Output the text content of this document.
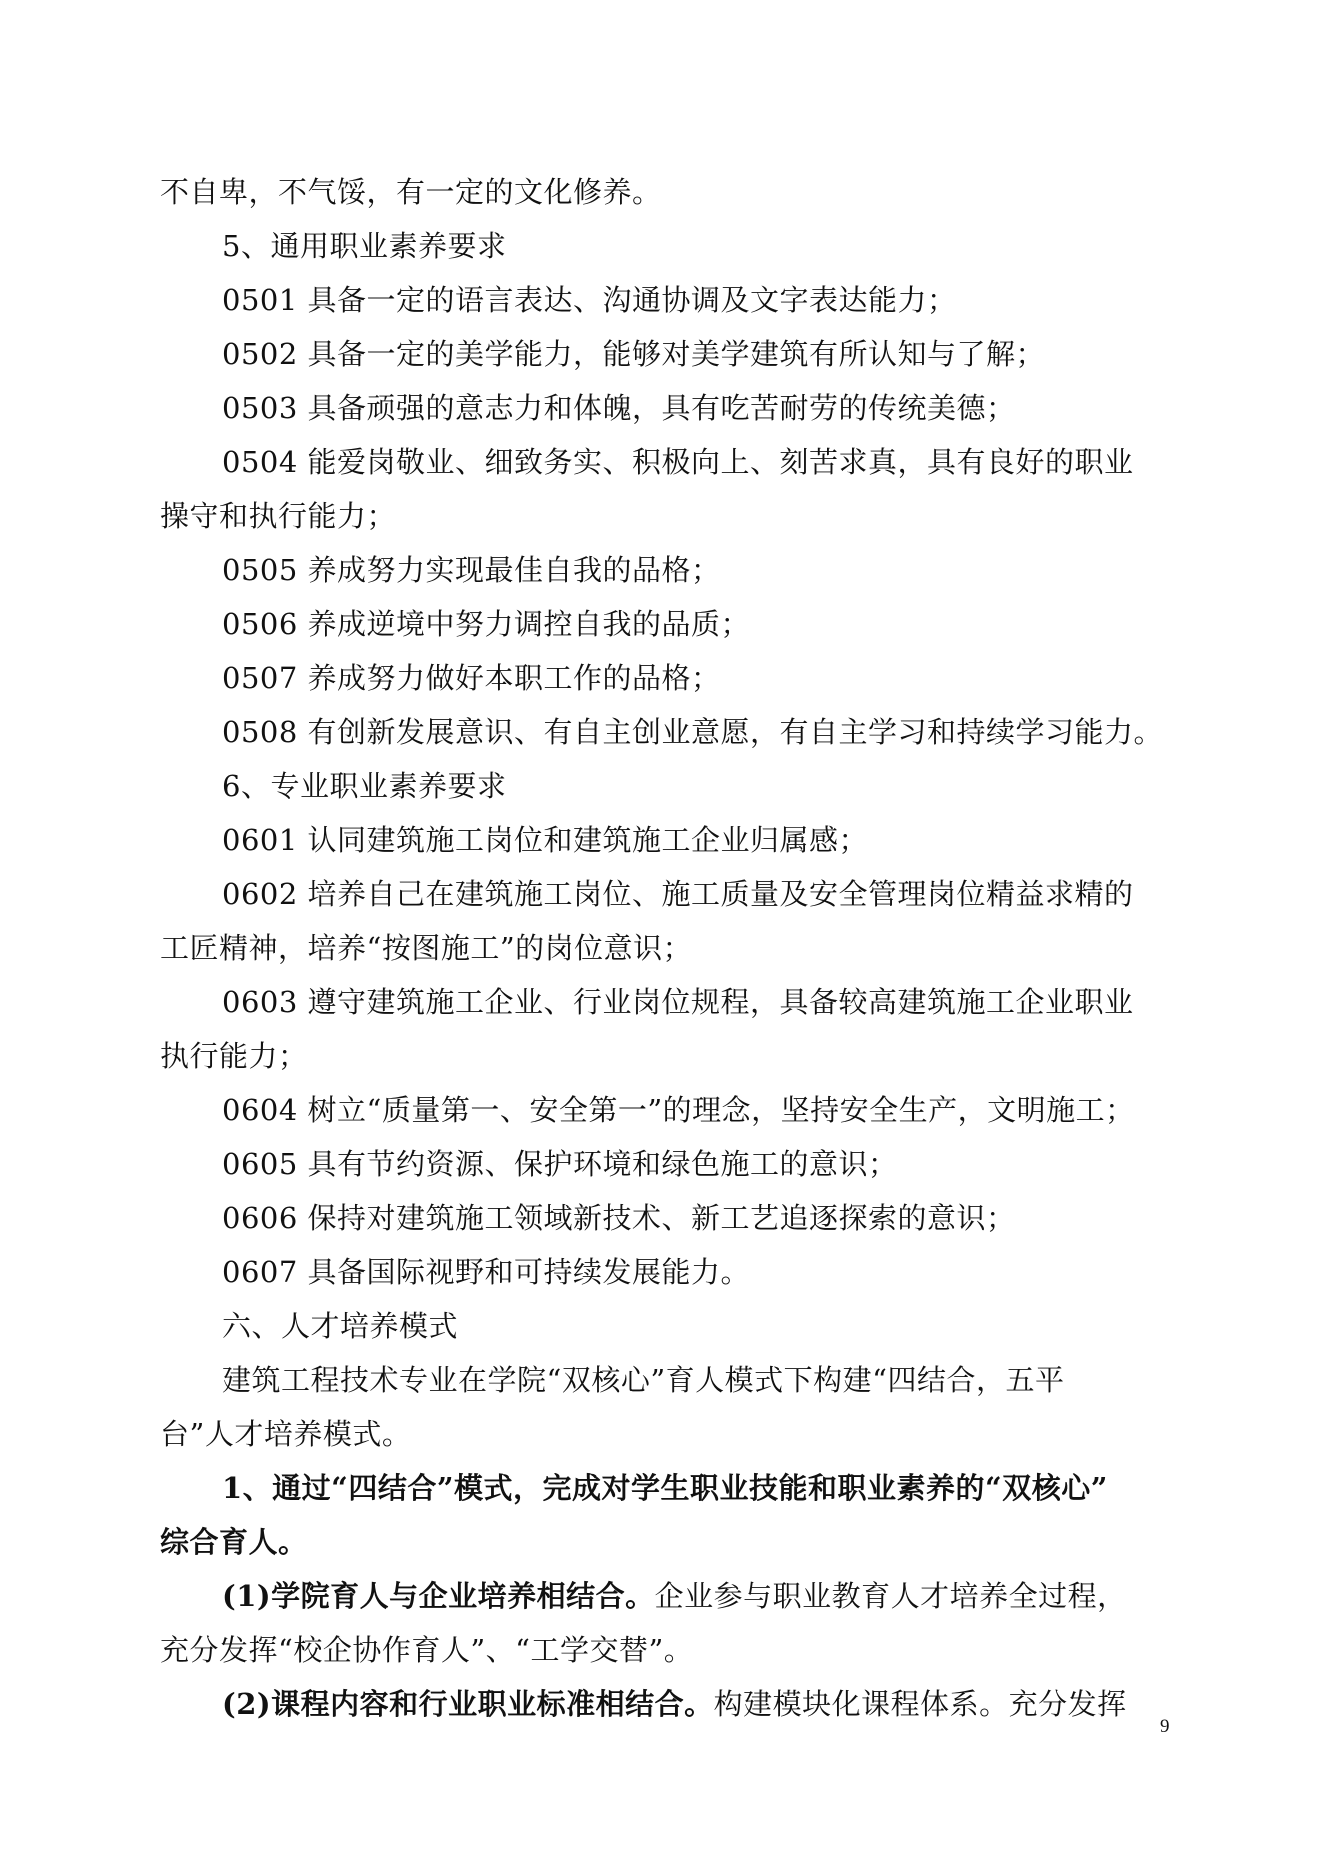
不自卑，不气馁，有一定的文化修养。
5、通用职业素养要求
0501 具备一定的语言表达、沟通协调及文字表达能力；
0502 具备一定的美学能力，能够对美学建筑有所认知与了解；
0503 具备顽强的意志力和体魄，具有吃苦耐劳的传统美德；
0504 能爱岗敬业、细致务实、积极向上、刻苦求真，具有良好的职业
操守和执行能力；
0505 养成努力实现最佳自我的品格；
0506 养成逆境中努力调控自我的品质；
0507 养成努力做好本职工作的品格；
0508 有创新发展意识、有自主创业意愿，有自主学习和持续学习能力。
6、专业职业素养要求
0601 认同建筑施工岗位和建筑施工企业归属感；
0602 培养自己在建筑施工岗位、施工质量及安全管理岗位精益求精的
工匠精神，培养“按图施工”的岗位意识；
0603 遵守建筑施工企业、行业岗位规程，具备较高建筑施工企业职业
执行能力；
0604 树立“质量第一、安全第一”的理念，坚持安全生产，文明施工；
0605 具有节约资源、保护环境和绿色施工的意识；
0606 保持对建筑施工领域新技术、新工艺追逐探索的意识；
0607 具备国际视野和可持续发展能力。
六、人才培养模式
建筑工程技术专业在学院“双核心”育人模式下构建“四结合，五平
台”人才培养模式。
1、通过“四结合”模式，完成对学生职业技能和职业素养的“双核心”
综合育人。
(1)学院育人与企业培养相结合。企业参与职业教育人才培养全过程，
充分发挥“校企协作育人”、“工学交替”。
(2)课程内容和行业职业标准相结合。构建模块化课程体系。充分发挥
9
